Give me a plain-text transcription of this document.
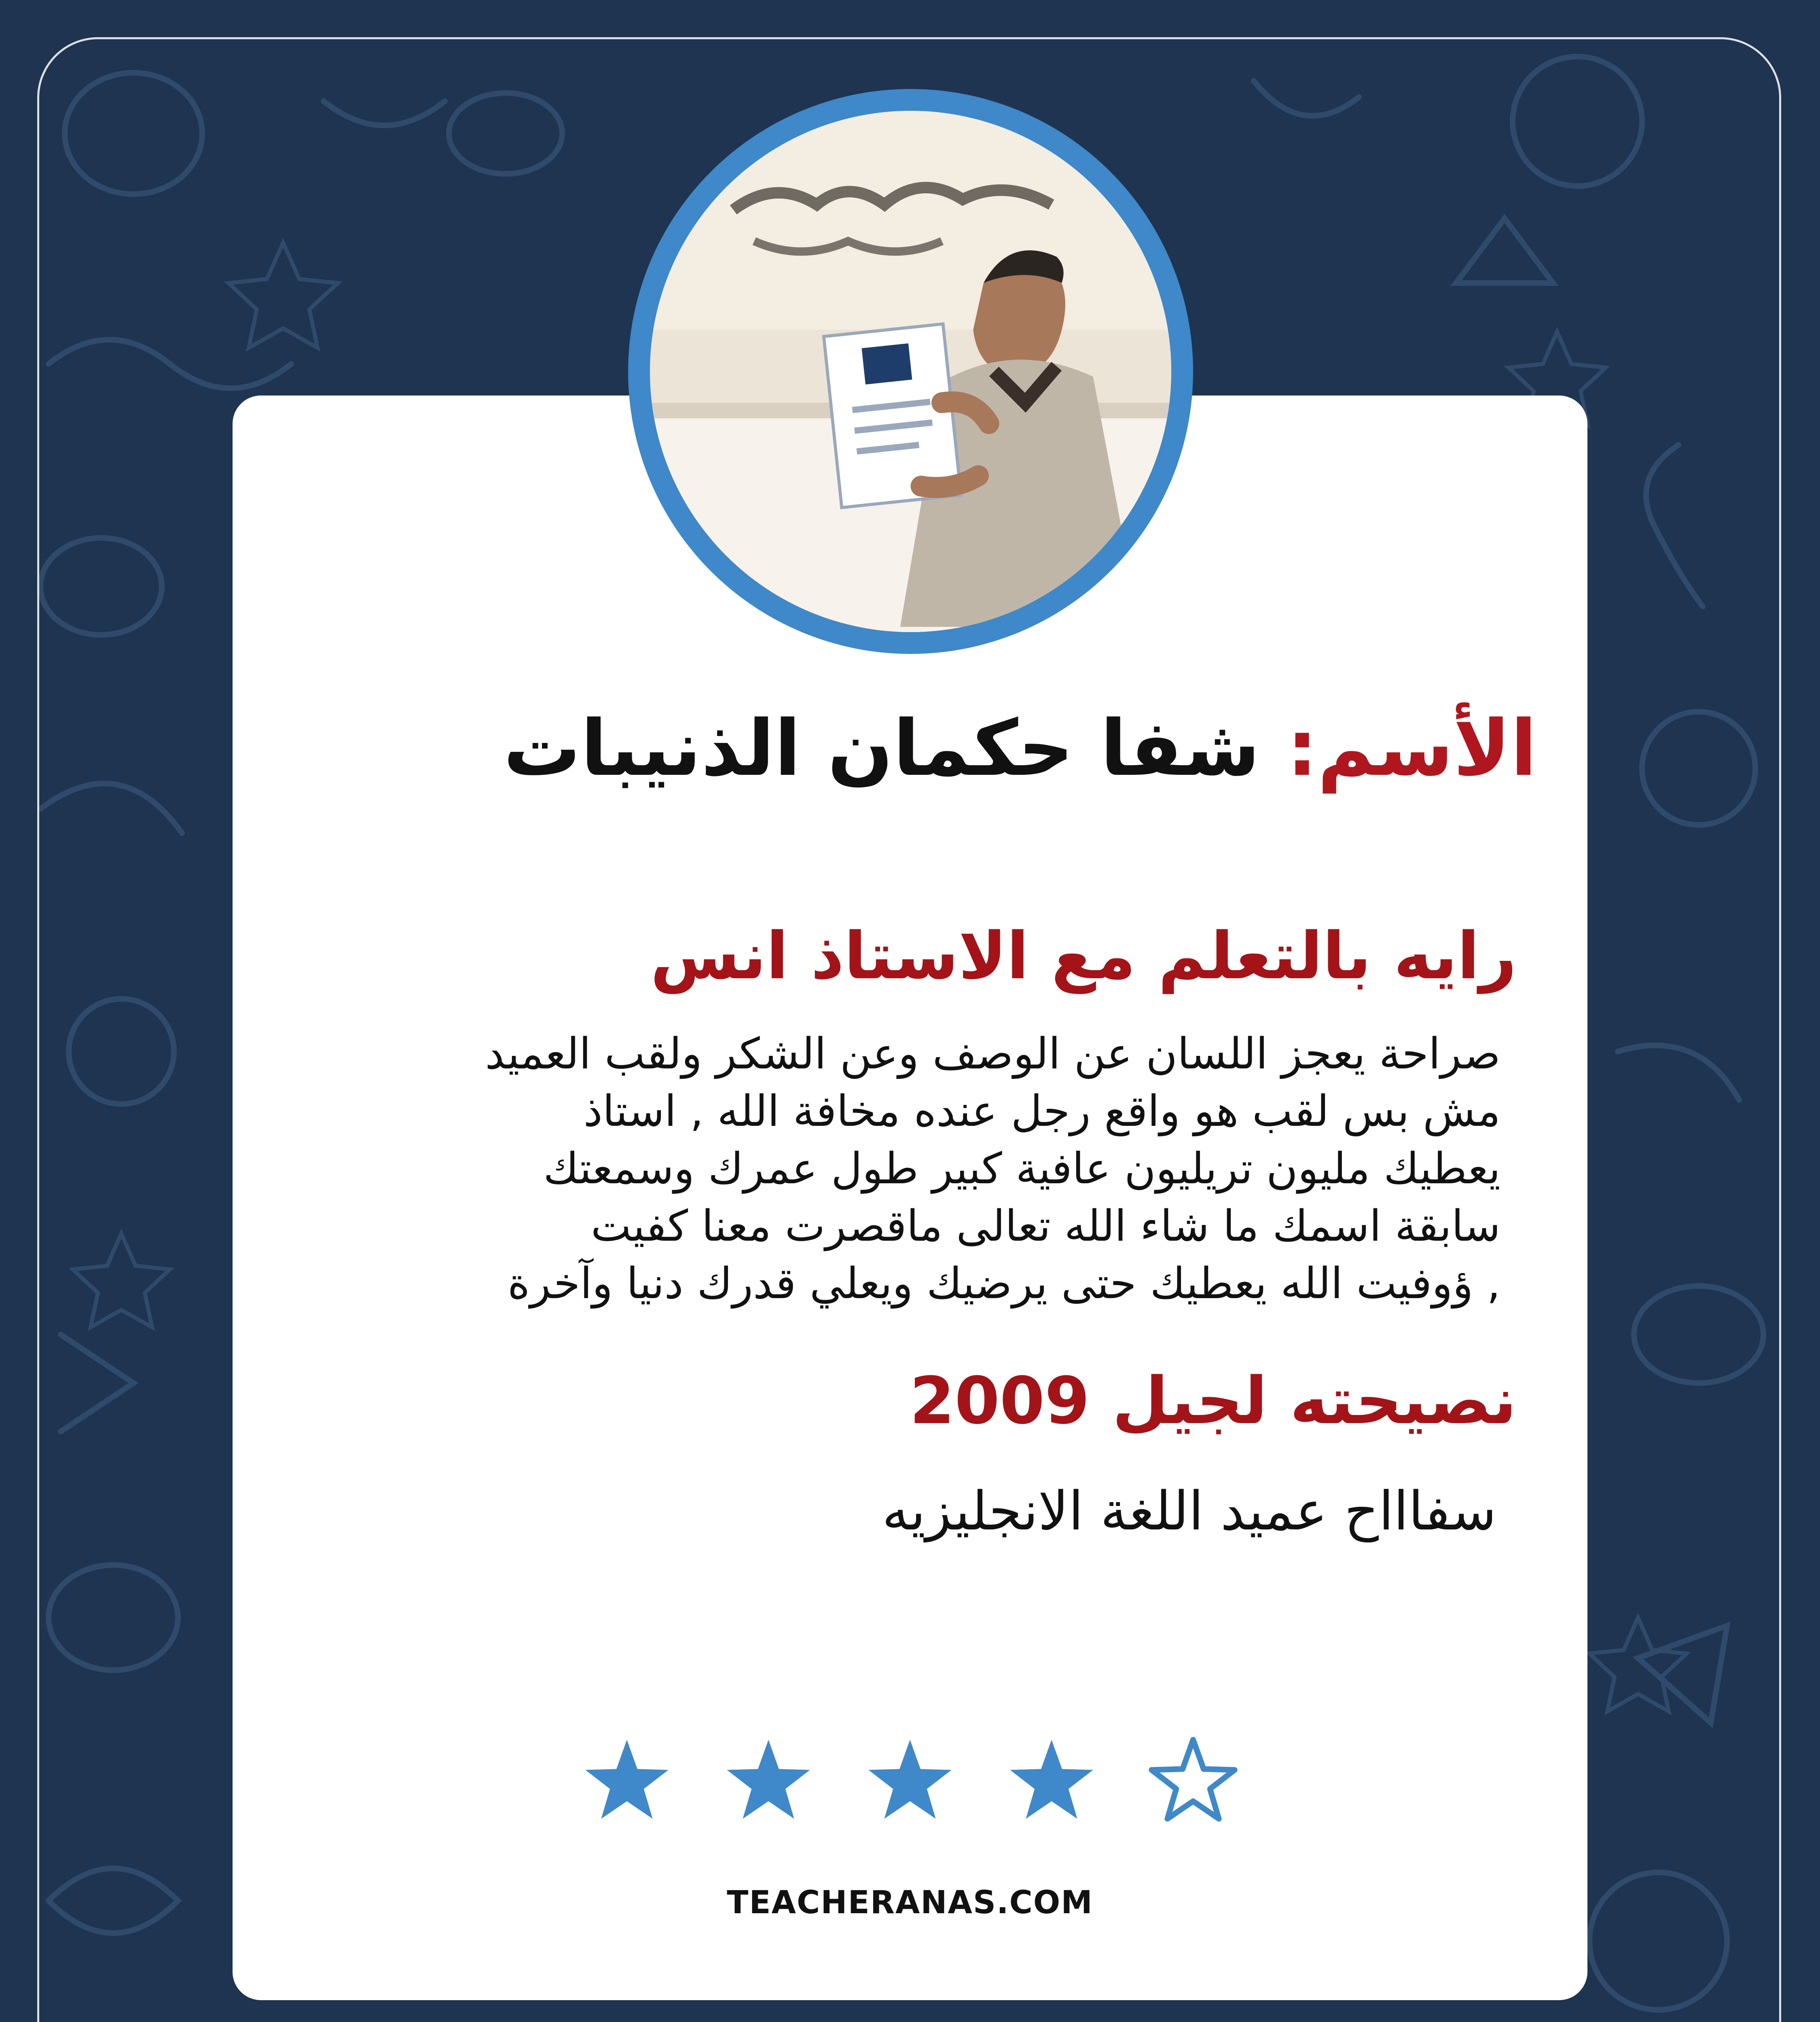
الأسم: شفا حكمان الذنيبات
رايه بالتعلم مع الاستاذ انس
صراحة يعجز اللسان عن الوصف وعن الشكر ولقب العميد
مش بس لقب هو واقع رجل عنده مخافة الله , استاذ
يعطيك مليون تريليون عافية كبير طول عمرك وسمعتك
سابقة اسمك ما شاء الله تعالى ماقصرت معنا كفيت
, ؤوفيت الله يعطيك حتى يرضيك ويعلي قدرك دنيا وآخرة
نصيحته لجيل 2009
سفاااح عميد اللغة الانجليزيه
TEACHERANAS.COM
